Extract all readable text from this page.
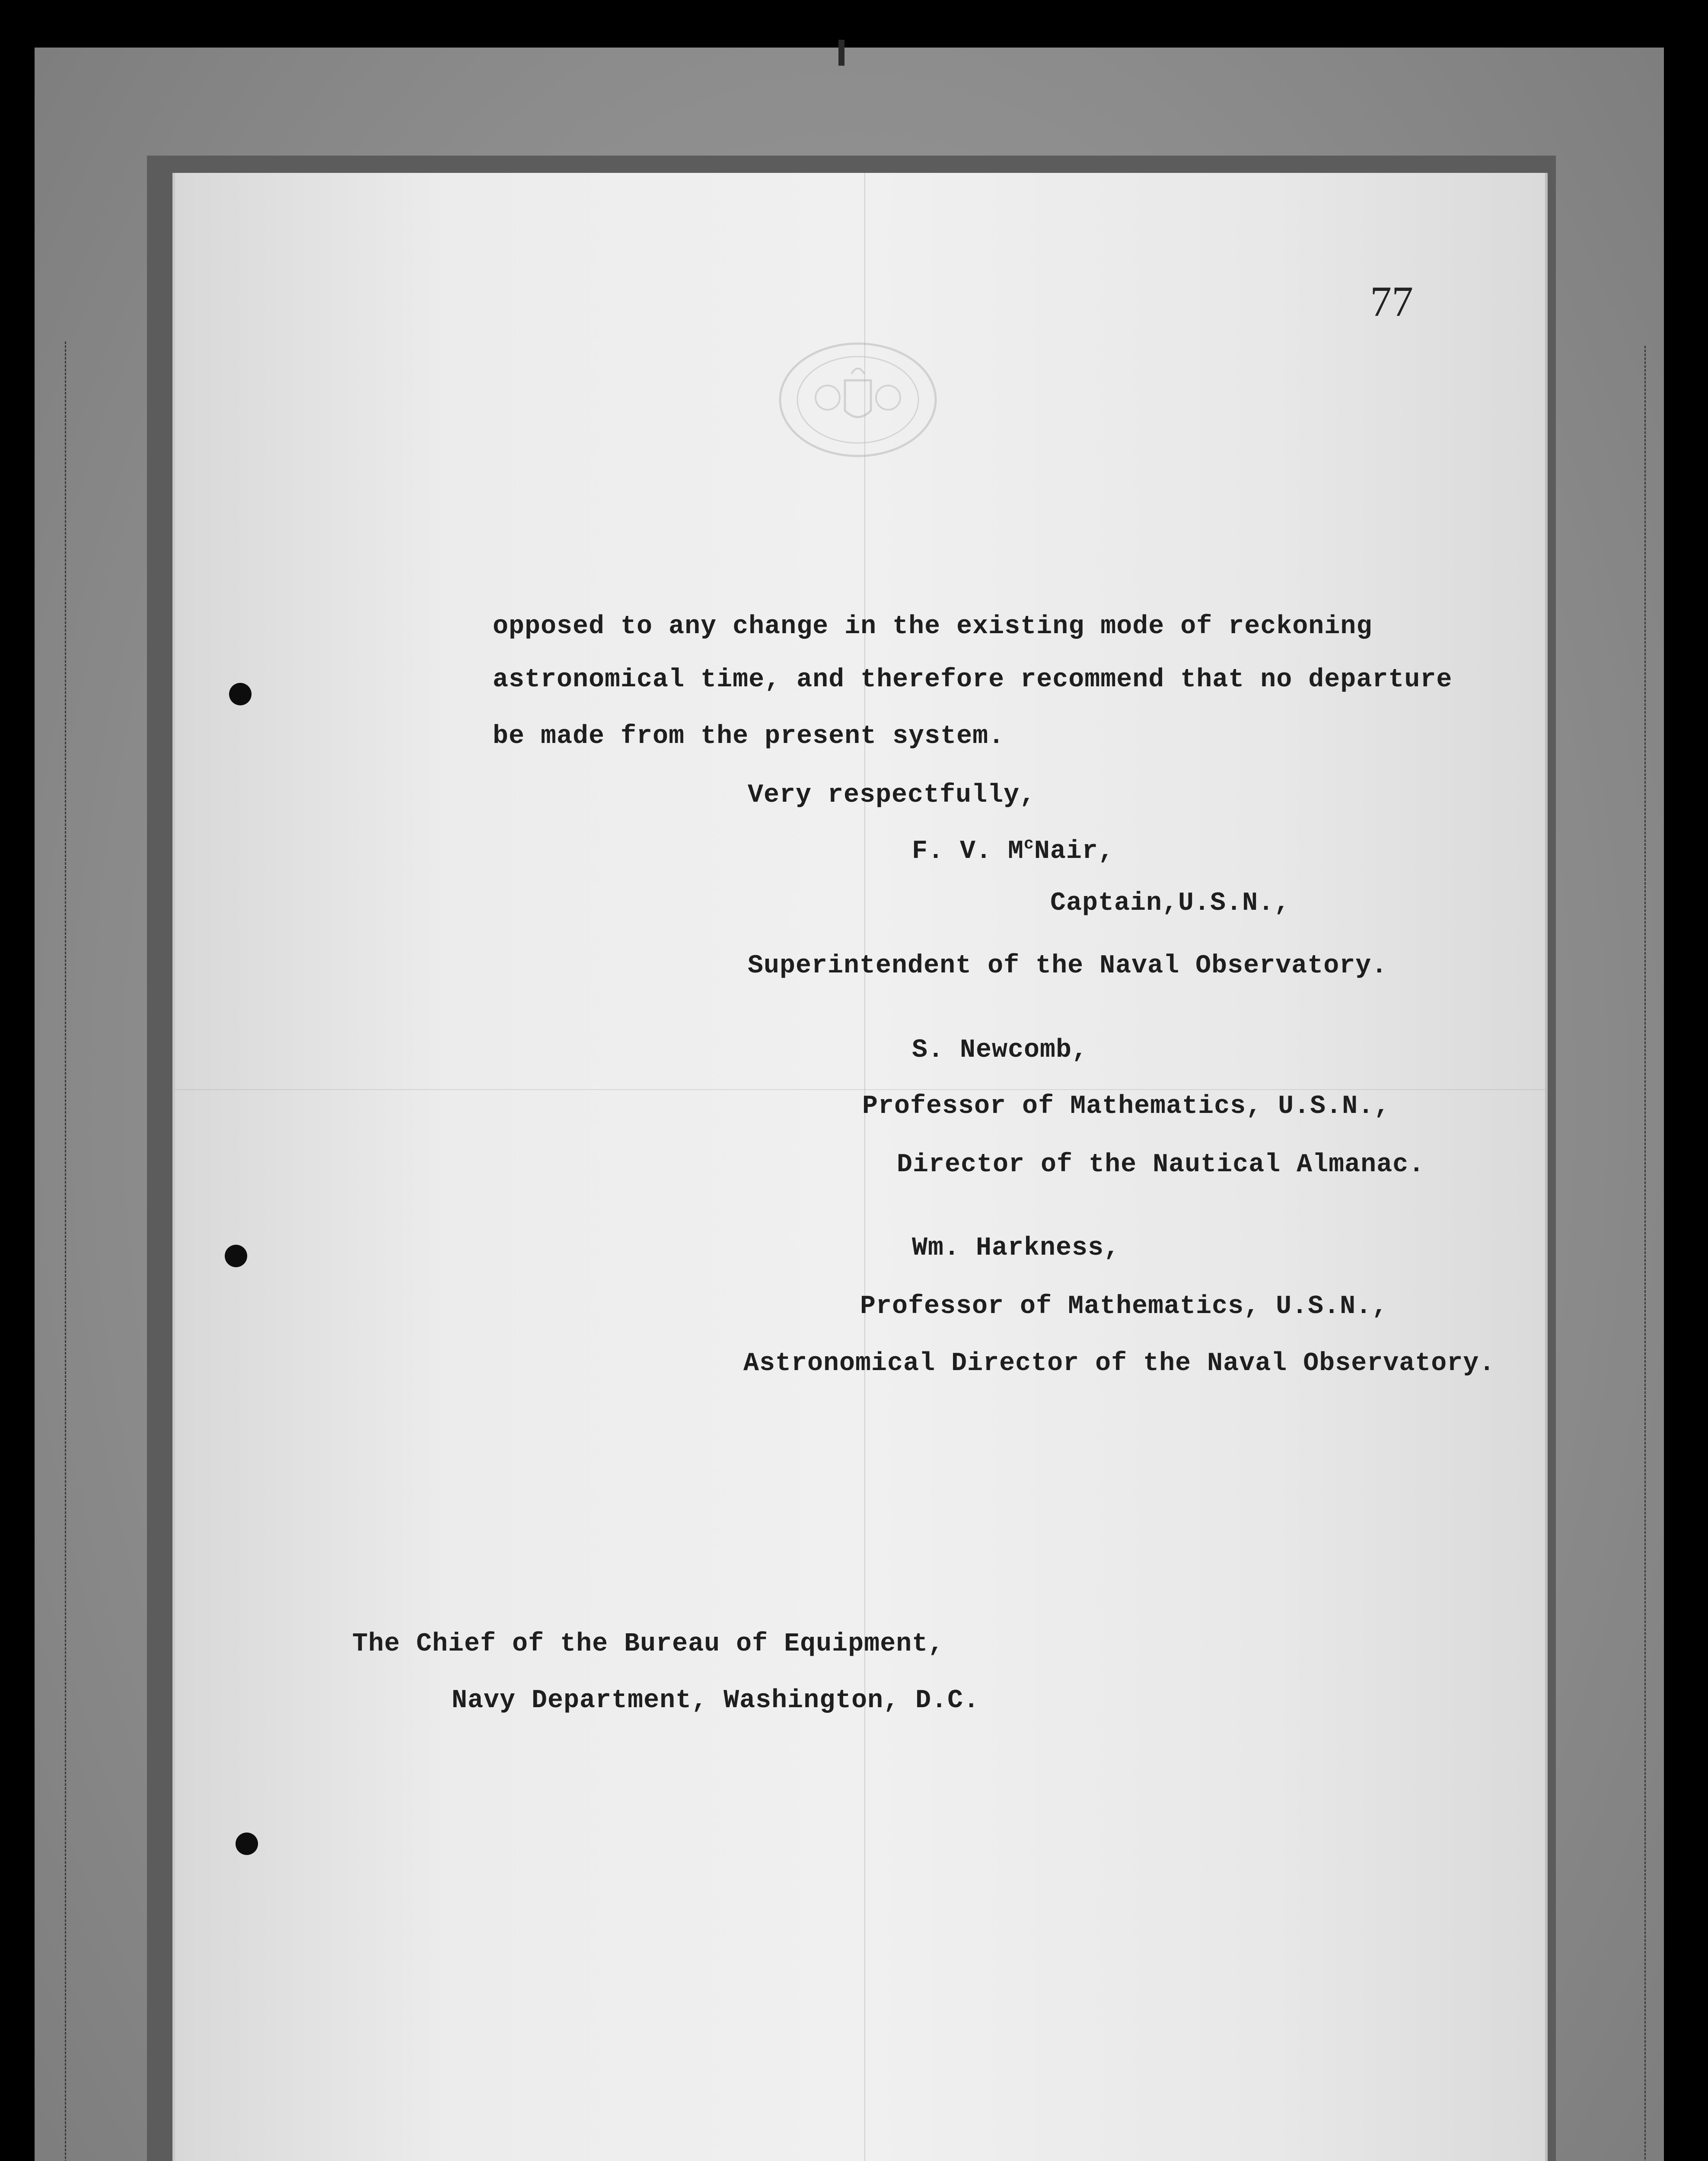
77
opposed to any change in the existing mode of reckoning
astronomical time, and therefore recommend that no departure
be made from the present system.
Very respectfully,
F. V. $M^cNair$,
Captain,U.S.N.,
Superintendent of the Naval Observatory.
S. Newcomb,
Professor of Mathematics, U.S.N.,
Director of the Nautical Almanac.
Wm. Harkness,
Professor of Mathematics, U.S.N.,
Astronomical Director of the Naval Observatory.
The Chief of the Bureau of Equipment,
Navy Department, Washington, D.C.
